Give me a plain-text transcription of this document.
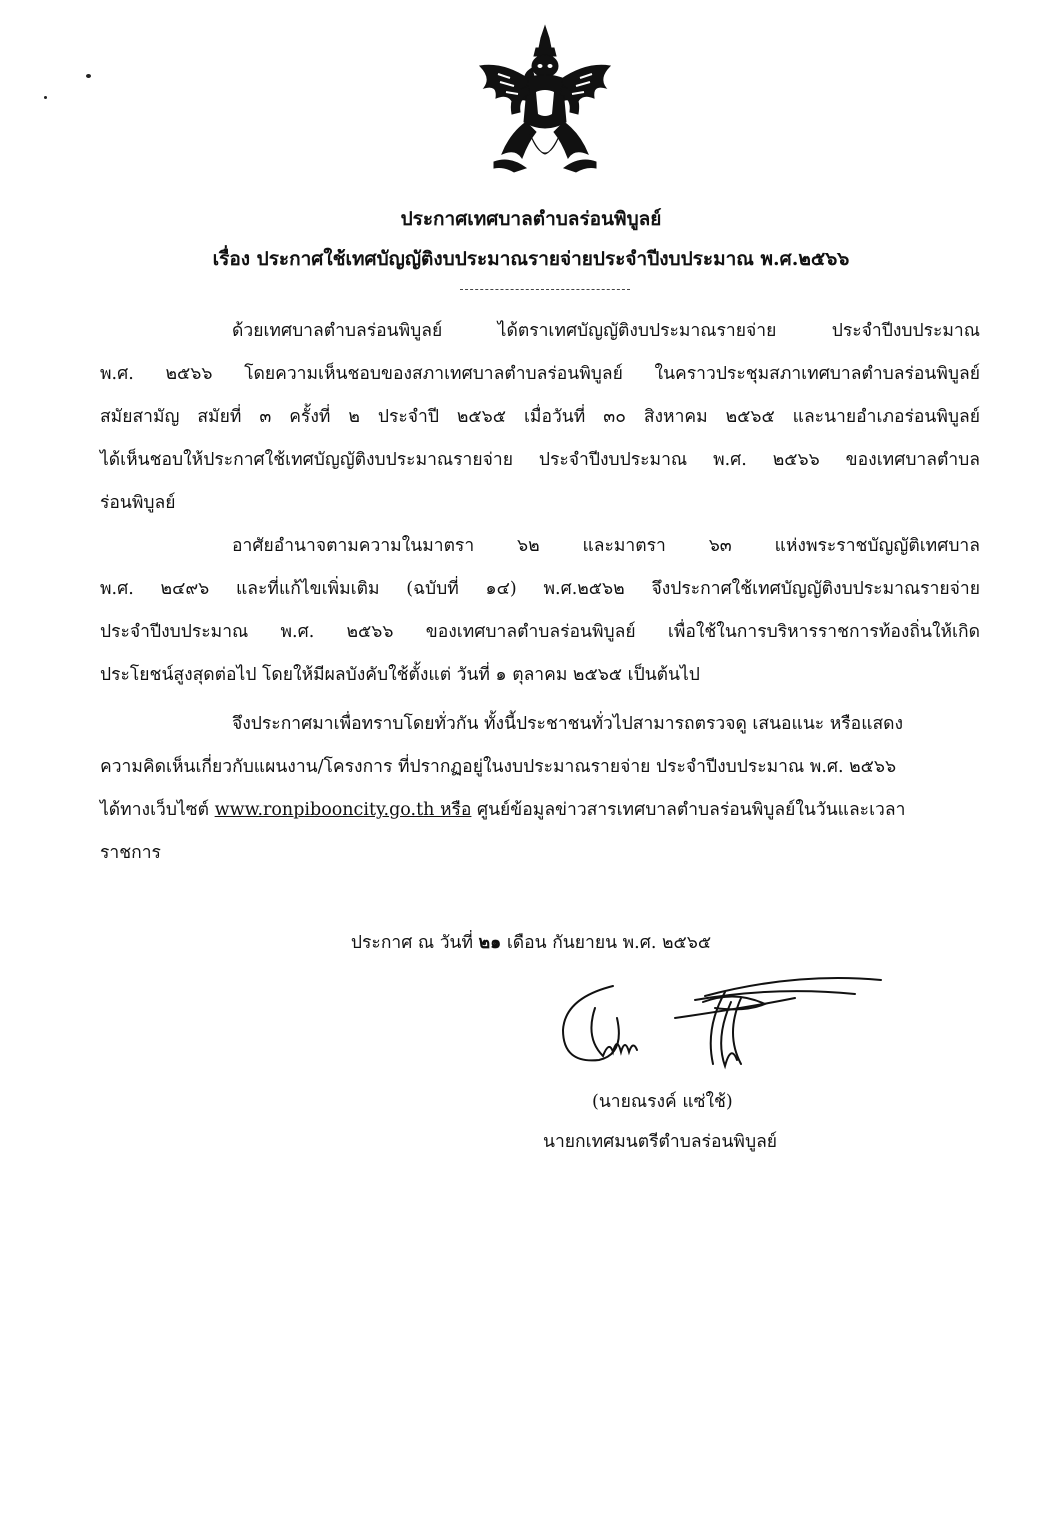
ประกาศเทศบาลตำบลร่อนพิบูลย์
เรื่อง ประกาศใช้เทศบัญญัติงบประมาณรายจ่ายประจำปีงบประมาณ พ.ศ.๒๕๖๖
ด้วยเทศบาลตำบลร่อนพิบูลย์ ได้ตราเทศบัญญัติงบประมาณรายจ่าย ประจำปีงบประมาณ
พ.ศ. ๒๕๖๖ โดยความเห็นชอบของสภาเทศบาลตำบลร่อนพิบูลย์ ในคราวประชุมสภาเทศบาลตำบลร่อนพิบูลย์
สมัยสามัญ สมัยที่ ๓ ครั้งที่ ๒ ประจำปี ๒๕๖๕ เมื่อวันที่ ๓๐ สิงหาคม ๒๕๖๕ และนายอำเภอร่อนพิบูลย์
ได้เห็นชอบให้ประกาศใช้เทศบัญญัติงบประมาณรายจ่าย ประจำปีงบประมาณ พ.ศ. ๒๕๖๖ ของเทศบาลตำบล
ร่อนพิบูลย์
อาศัยอำนาจตามความในมาตรา ๖๒ และมาตรา ๖๓ แห่งพระราชบัญญัติเทศบาล
พ.ศ. ๒๔๙๖ และที่แก้ไขเพิ่มเติม (ฉบับที่ ๑๔) พ.ศ.๒๕๖๒ จึงประกาศใช้เทศบัญญัติงบประมาณรายจ่าย
ประจำปีงบประมาณ พ.ศ. ๒๕๖๖ ของเทศบาลตำบลร่อนพิบูลย์ เพื่อใช้ในการบริหารราชการท้องถิ่นให้เกิด
ประโยชน์สูงสุดต่อไป โดยให้มีผลบังคับใช้ตั้งแต่ วันที่ ๑ ตุลาคม ๒๕๖๕ เป็นต้นไป
จึงประกาศมาเพื่อทราบโดยทั่วกัน ทั้งนี้ประชาชนทั่วไปสามารถตรวจดู เสนอแนะ หรือแสดง
ความคิดเห็นเกี่ยวกับแผนงาน/โครงการ ที่ปรากฏอยู่ในงบประมาณรายจ่าย ประจำปีงบประมาณ พ.ศ. ๒๕๖๖
ได้ทางเว็บไซต์ www.ronpibooncity.go.th หรือ ศูนย์ข้อมูลข่าวสารเทศบาลตำบลร่อนพิบูลย์ในวันและเวลา
ราชการ
ประกาศ ณ วันที่ ๒๑ เดือน กันยายน พ.ศ. ๒๕๖๕
(นายณรงค์ แซ่ใช้)
นายกเทศมนตรีตำบลร่อนพิบูลย์
